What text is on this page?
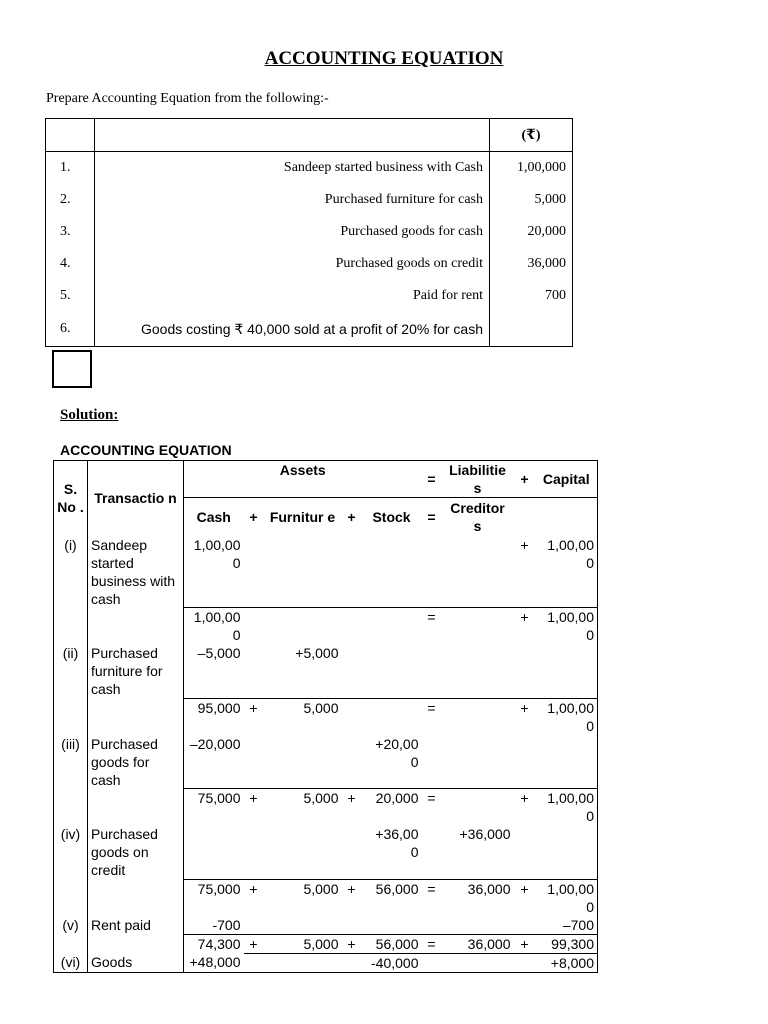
ACCOUNTING EQUATION
Prepare Accounting Equation from the following:-
		(₹)
1.	Sandeep started business with Cash	1,00,000
2.	Purchased furniture for cash	5,000
3.	Purchased goods for cash	20,000
4.	Purchased goods on credit	36,000
5.	Paid for rent	700
6.	Goods costing ₹ 40,000 sold at a profit of 20% for cash	
Solution:
ACCOUNTING EQUATION
S. No .	Transactio n	Assets					=	Liabilitie s	+	Capital
		Cash	+	Furnitur e	+	Stock	=	Creditor s		
(i)	Sandeep started business with cash	1,00,00 0							+	1,00,00 0
		1,00,00 0					=		+	1,00,00 0
(ii)	Purchased furniture for cash	–5,000		+5,000						
		95,000	+	5,000			=		+	1,00,00 0
(iii)	Purchased goods for cash	–20,000				+20,00 0				
		75,000	+	5,000	+	20,000	=		+	1,00,00 0
(iv)	Purchased goods on credit					+36,00 0		+36,000		
		75,000	+	5,000	+	56,000	=	36,000	+	1,00,00 0
(v)	Rent paid	-700								–700
		74,300	+	5,000	+	56,000	=	36,000	+	99,300
(vi)	Goods	+48,000				-40,000				+8,000
